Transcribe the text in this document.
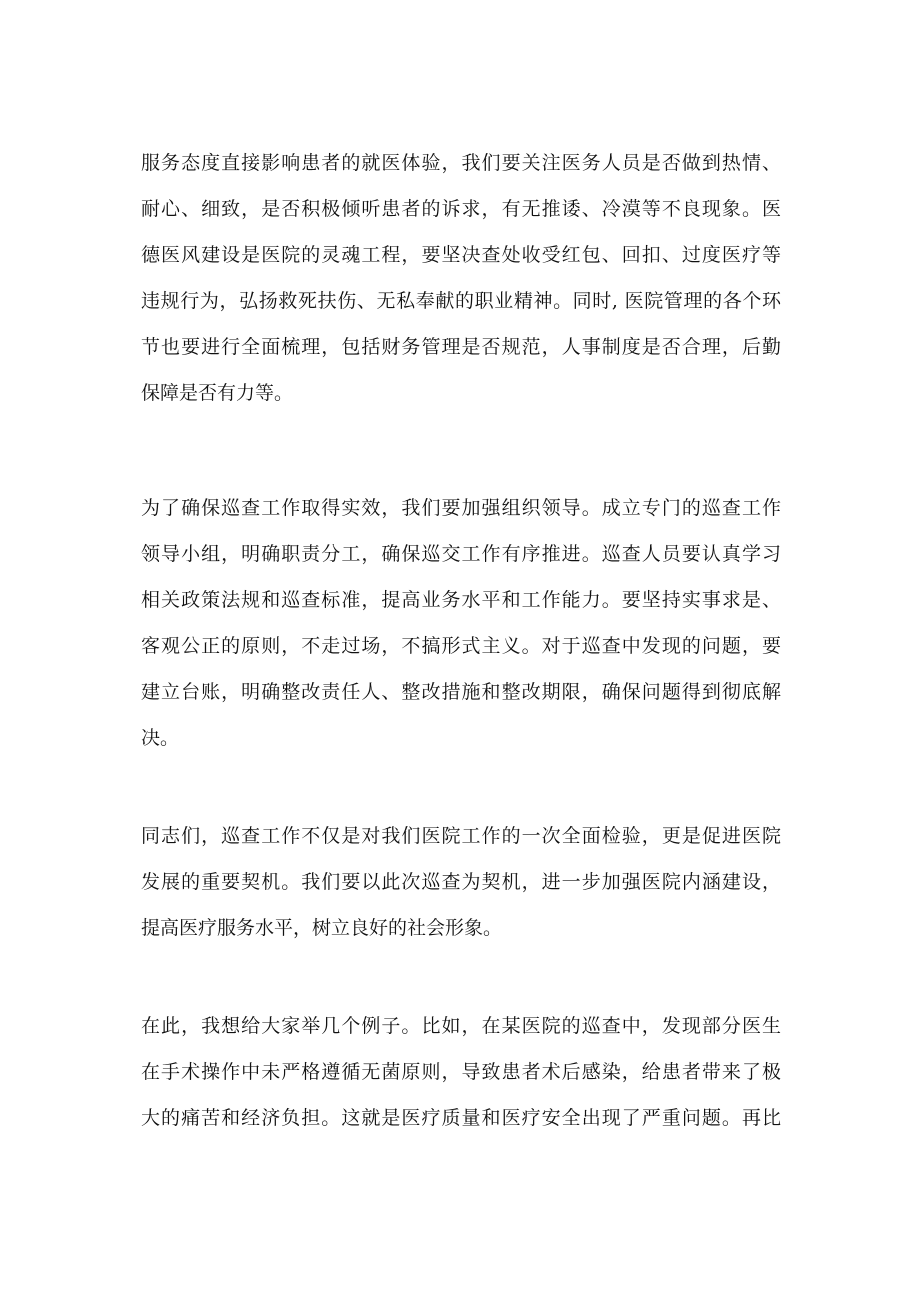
服务态度直接影响患者的就医体验，我们要关注医务人员是否做到热情、
耐心、细致，是否积极倾听患者的诉求，有无推诿、冷漠等不良现象。医
德医风建设是医院的灵魂工程，要坚决查处收受红包、回扣、过度医疗等
违规行为，弘扬救死扶伤、无私奉献的职业精神。同时, 医院管理的各个环
节也要进行全面梳理，包括财务管理是否规范，人事制度是否合理，后勤
保障是否有力等。
为了确保巡查工作取得实效，我们要加强组织领导。成立专门的巡查工作
领导小组，明确职责分工，确保巡交工作有序推进。巡查人员要认真学习
相关政策法规和巡查标准，提高业务水平和工作能力。要坚持实事求是、
客观公正的原则，不走过场，不搞形式主义。对于巡查中发现的问题，要
建立台账，明确整改责任人、整改措施和整改期限，确保问题得到彻底解
决。
同志们，巡查工作不仅是对我们医院工作的一次全面检验，更是促进医院
发展的重要契机。我们要以此次巡查为契机，进一步加强医院内涵建设，
提高医疗服务水平，树立良好的社会形象。
在此，我想给大家举几个例子。比如，在某医院的巡查中，发现部分医生
在手术操作中未严格遵循无菌原则，导致患者术后感染，给患者带来了极
大的痛苦和经济负担。这就是医疗质量和医疗安全出现了严重问题。再比
